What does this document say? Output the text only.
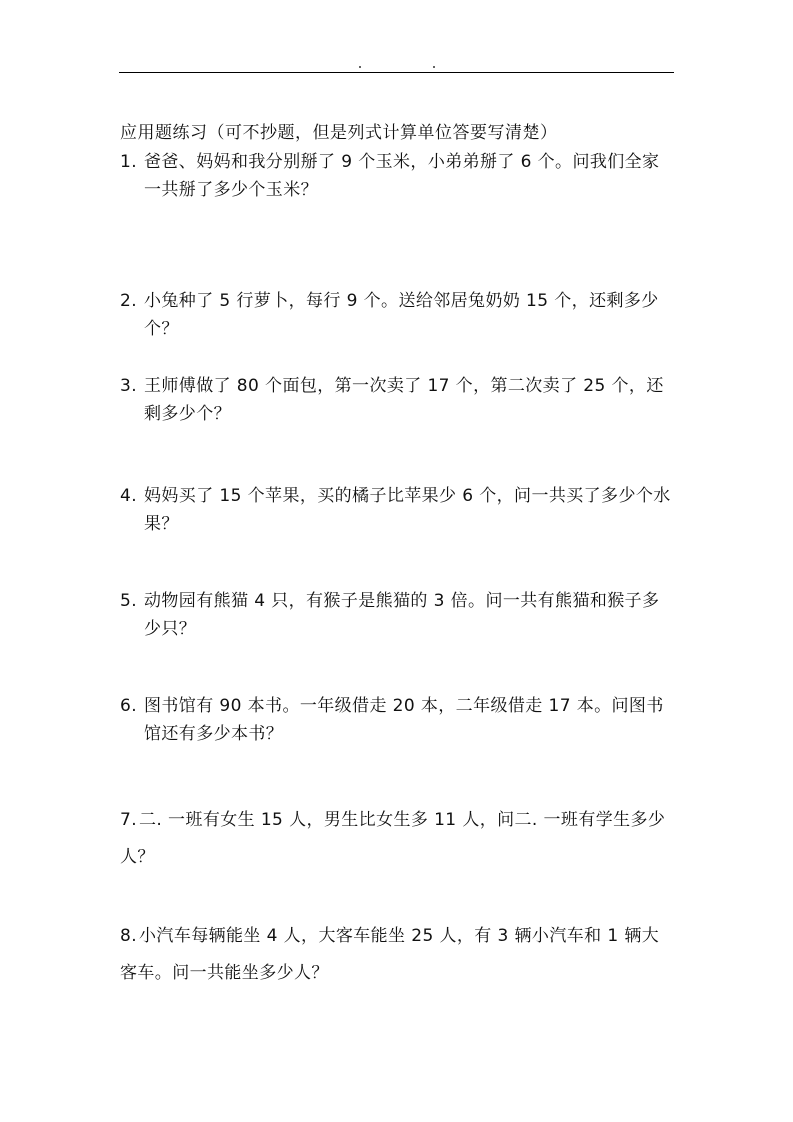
应用题练习（可不抄题，但是列式计算单位答要写清楚）
1. 爸爸、妈妈和我分别掰了 9 个玉米，小弟弟掰了 6 个。问我们全家一共掰了多少个玉米？
2. 小兔种了 5 行萝卜，每行 9 个。送给邻居兔奶奶 15 个，还剩多少个？
3. 王师傅做了 80 个面包，第一次卖了 17 个，第二次卖了 25 个，还剩多少个？
4. 妈妈买了 15 个苹果，买的橘子比苹果少 6 个，问一共买了多少个水果？
5. 动物园有熊猫 4 只，有猴子是熊猫的 3 倍。问一共有熊猫和猴子多少只？
6. 图书馆有 90 本书。一年级借走 20 本，二年级借走 17 本。问图书馆还有多少本书？
7. 二. 一班有女生 15 人，男生比女生多 11 人，问二. 一班有学生多少人？
8. 小汽车每辆能坐 4 人，大客车能坐 25 人，有 3 辆小汽车和 1 辆大客车。问一共能坐多少人？
